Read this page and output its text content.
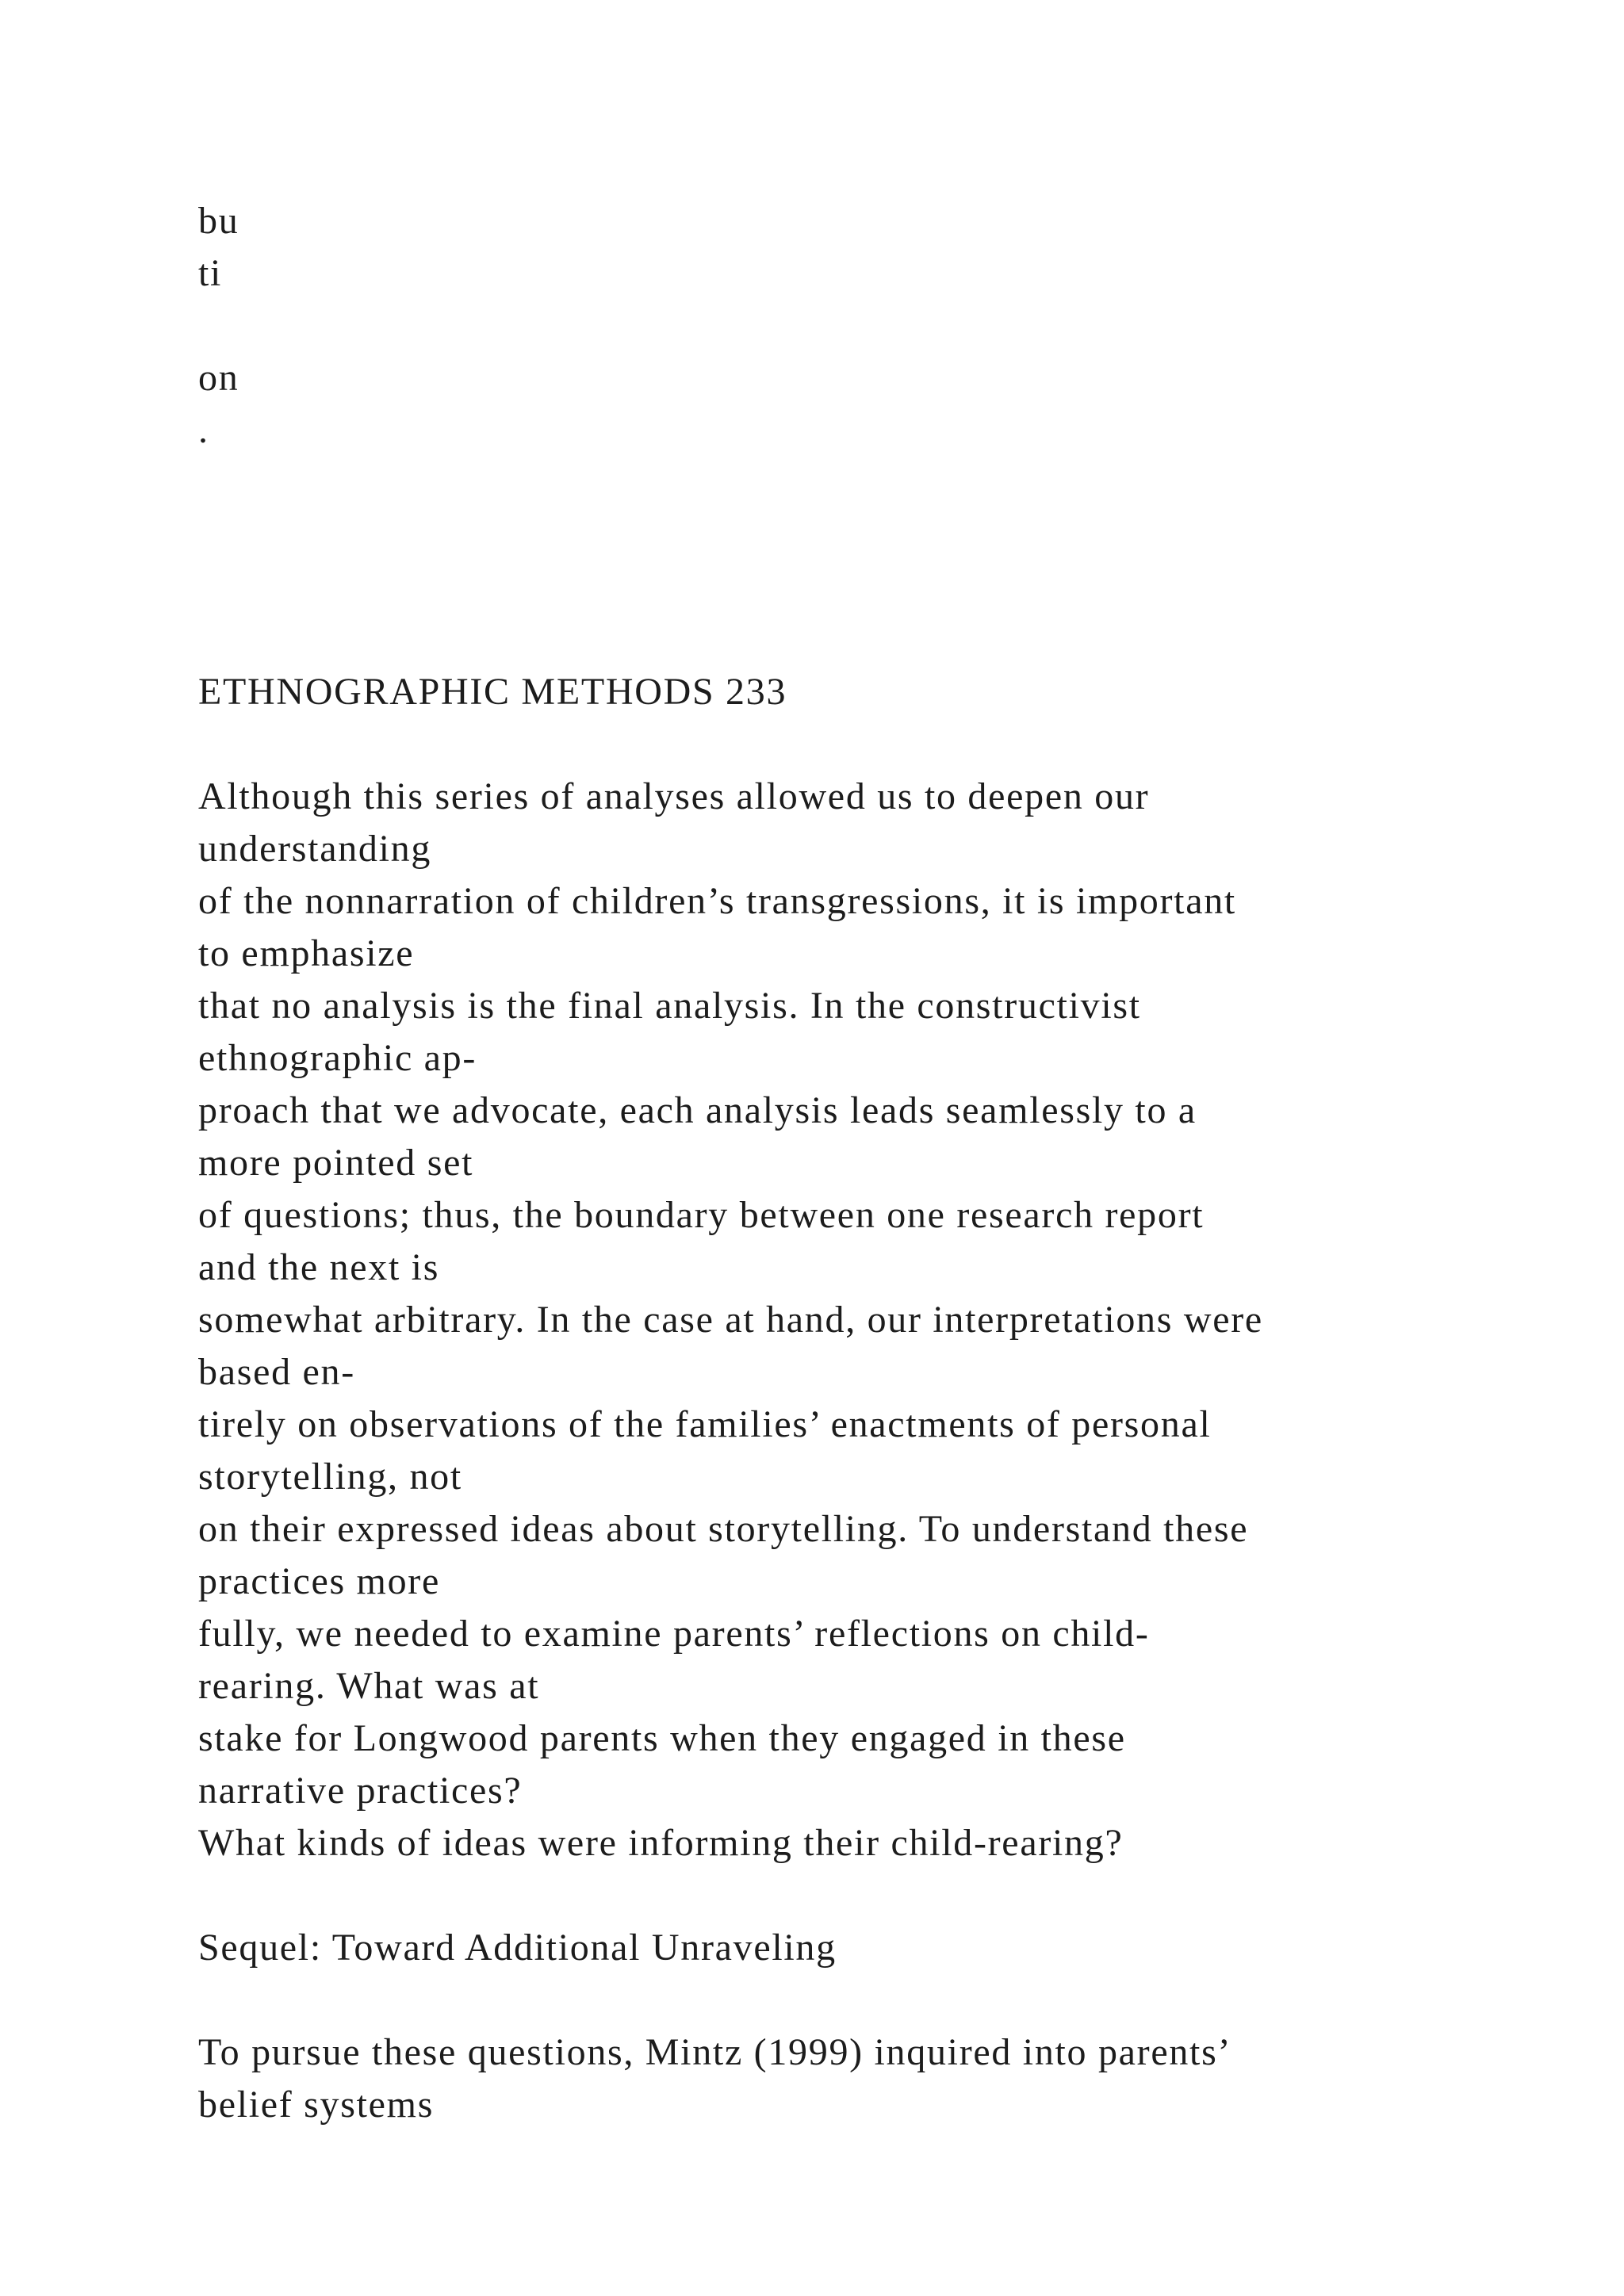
bu
ti
on
.
ETHNOGRAPHIC METHODS 233
Although this series of analyses allowed us to deepen our
understanding
of the nonnarration of children’s transgressions, it is important
to emphasize
that no analysis is the final analysis. In the constructivist
ethnographic ap-
proach that we advocate, each analysis leads seamlessly to a
more pointed set
of questions; thus, the boundary between one research report
and the next is
somewhat arbitrary. In the case at hand, our interpretations were
based en-
tirely on observations of the families’ enactments of personal
storytelling, not
on their expressed ideas about storytelling. To understand these
practices more
fully, we needed to examine parents’ reflections on child-
rearing. What was at
stake for Longwood parents when they engaged in these
narrative practices?
What kinds of ideas were informing their child-rearing?
Sequel: Toward Additional Unraveling
To pursue these questions, Mintz (1999) inquired into parents’
belief systems
